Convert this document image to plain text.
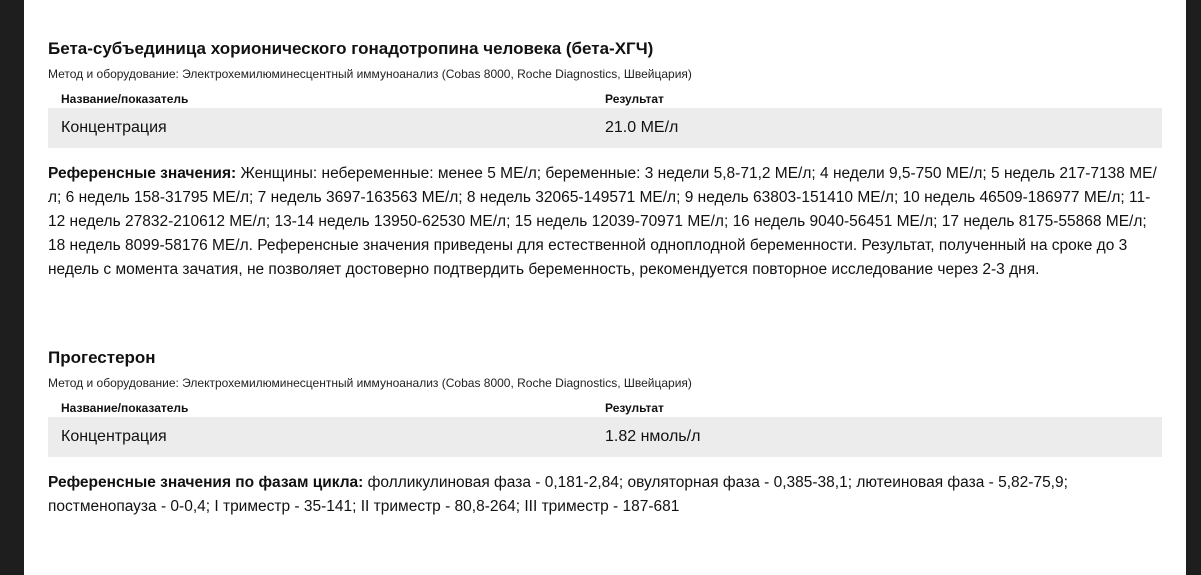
Бета-субъединица хорионического гонадотропина человека (бета-ХГЧ)
Метод и оборудование: Электрохемилюминесцентный иммуноанализ (Cobas 8000, Roche Diagnostics, Швейцария)
Название/показатель	Результат
Концентрация	21.0 МЕ/л
Референсные значения: Женщины: небеременные: менее 5 МЕ/л; беременные: 3 недели 5,8-71,2 МЕ/л; 4 недели 9,5-750 МЕ/л; 5 недель 217-7138 МЕ/л; 6 недель 158-31795 МЕ/л; 7 недель 3697-163563 МЕ/л; 8 недель 32065-149571 МЕ/л; 9 недель 63803-151410 МЕ/л; 10 недель 46509-186977 МЕ/л; 11-12 недель 27832-210612 МЕ/л; 13-14 недель 13950-62530 МЕ/л; 15 недель 12039-70971 МЕ/л; 16 недель 9040-56451 МЕ/л; 17 недель 8175-55868 МЕ/л; 18 недель 8099-58176 МЕ/л. Референсные значения приведены для естественной одноплодной беременности. Результат, полученный на сроке до 3 недель с момента зачатия, не позволяет достоверно подтвердить беременность, рекомендуется повторное исследование через 2-3 дня.
Прогестерон
Метод и оборудование: Электрохемилюминесцентный иммуноанализ (Cobas 8000, Roche Diagnostics, Швейцария)
Название/показатель	Результат
Концентрация	1.82 нмоль/л
Референсные значения по фазам цикла: фолликулиновая фаза - 0,181-2,84; овуляторная фаза - 0,385-38,1; лютеиновая фаза - 5,82-75,9; постменопауза - 0-0,4; I триместр - 35-141; II триместр - 80,8-264; III триместр - 187-681
